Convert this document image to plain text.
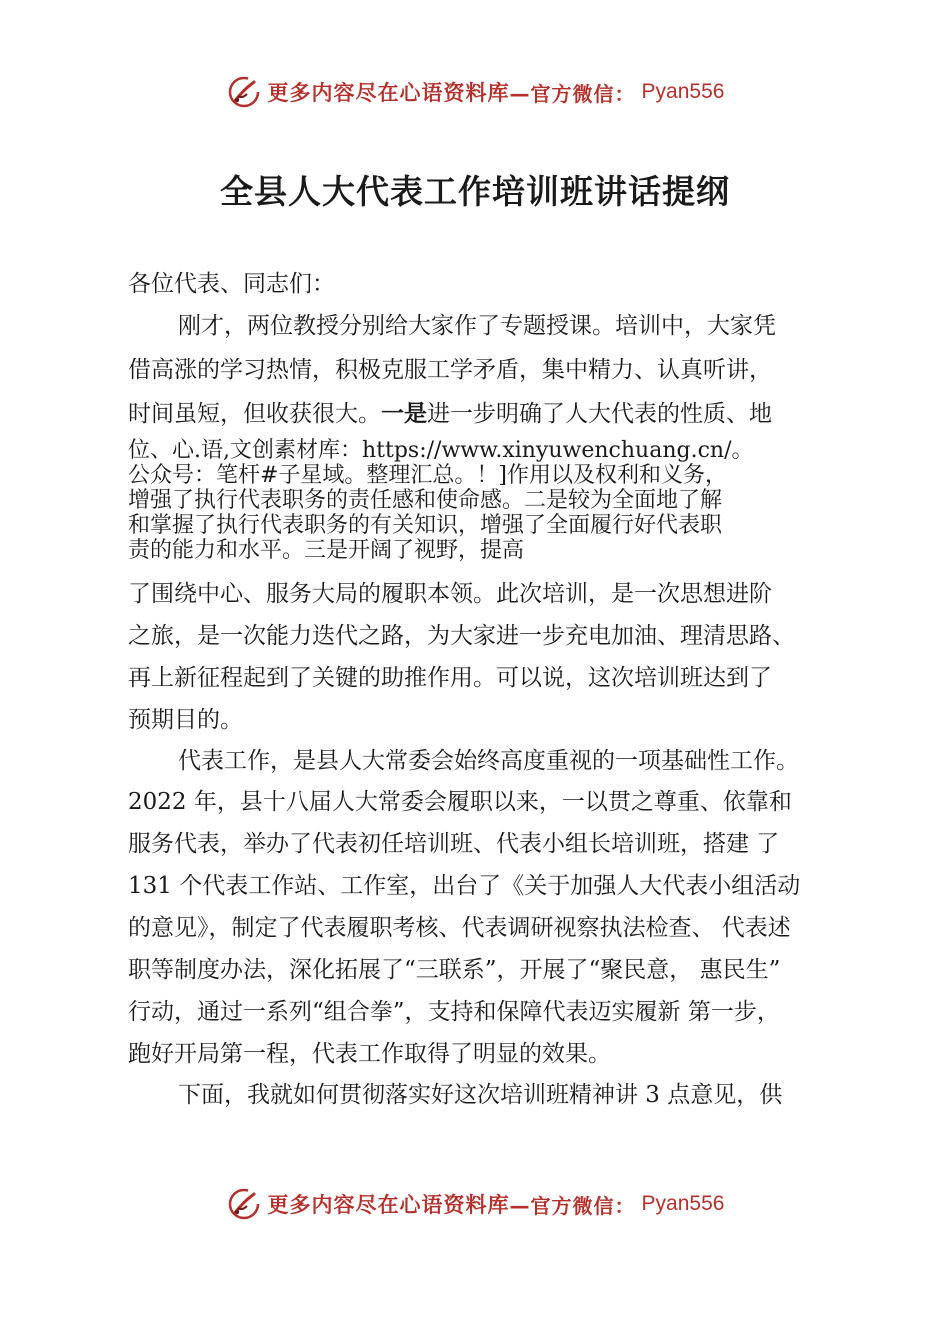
更多内容尽在心语资料库 —官方微信： Pyan556
全县人大代表工作培训班讲话提纲
各位代表、同志们：
刚才，两位教授分别给大家作了专题授课。培训中，大家凭
借高涨的学习热情，积极克服工学矛盾，集中精力、认真听讲，
时间虽短，但收获很大。一是进一步明确了人大代表的性质、地
位、心.语,文创素材库：https://www.xinyuwenchuang.cn/。
公众号：笔杆#子星域。整理汇总。！]作用以及权利和义务，
增强了执行代表职务的责任感和使命感。二是较为全面地了解
和掌握了执行代表职务的有关知识，增强了全面履行好代表职
责的能力和水平。三是开阔了视野，提高
了围绕中心、服务大局的履职本领。此次培训，是一次思想进阶
之旅，是一次能力迭代之路，为大家进一步充电加油、理清思路、
再上新征程起到了关键的助推作用。可以说，这次培训班达到了
预期目的。
代表工作，是县人大常委会始终高度重视的一项基础性工作。
2022 年，县十八届人大常委会履职以来，一以贯之尊重、依靠和
服务代表，举办了代表初任培训班、代表小组长培训班，搭建 了
131 个代表工作站、工作室，出台了《关于加强人大代表小组活动
的意见》，制定了代表履职考核、代表调研视察执法检查、 代表述
职等制度办法，深化拓展了“三联系”，开展了“聚民意， 惠民生”
行动，通过一系列“组合拳”，支持和保障代表迈实履新 第一步，
跑好开局第一程，代表工作取得了明显的效果。
下面，我就如何贯彻落实好这次培训班精神讲 3 点意见，供
更多内容尽在心语资料库 —官方微信： Pyan556
